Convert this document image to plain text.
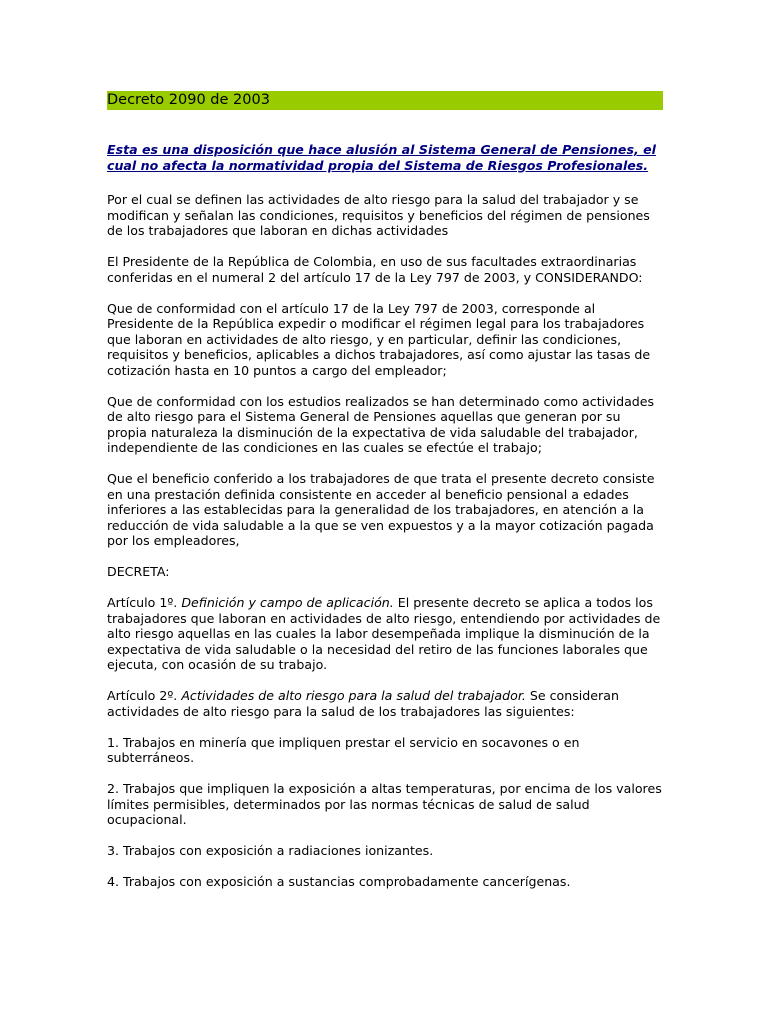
Decreto 2090 de 2003
Esta es una disposición que hace alusión al Sistema General de Pensiones, el cual no afecta la normatividad propia del Sistema de Riesgos Profesionales.

Por el cual se definen las actividades de alto riesgo para la salud del trabajador y se modifican y señalan las condiciones, requisitos y beneficios del régimen de pensiones de los trabajadores que laboran en dichas actividades

El Presidente de la República de Colombia, en uso de sus facultades extraordinarias conferidas en el numeral 2 del artículo 17 de la Ley 797 de 2003, y CONSIDERANDO:

Que de conformidad con el artículo 17 de la Ley 797 de 2003, corresponde al Presidente de la República expedir o modificar el régimen legal para los trabajadores que laboran en actividades de alto riesgo, y en particular, definir las condiciones, requisitos y beneficios, aplicables a dichos trabajadores, así como ajustar las tasas de cotización hasta en 10 puntos a cargo del empleador;

Que de conformidad con los estudios realizados se han determinado como actividades de alto riesgo para el Sistema General de Pensiones aquellas que generan por su propia naturaleza la disminución de la expectativa de vida saludable del trabajador, independiente de las condiciones en las cuales se efectúe el trabajo;

Que el beneficio conferido a los trabajadores de que trata el presente decreto consiste en una prestación definida consistente en acceder al beneficio pensional a edades inferiores a las establecidas para la generalidad de los trabajadores, en atención a la reducción de vida saludable a la que se ven expuestos y a la mayor cotización pagada por los empleadores,

DECRETA:

Artículo 1º. Definición y campo de aplicación. El presente decreto se aplica a todos los trabajadores que laboran en actividades de alto riesgo, entendiendo por actividades de alto riesgo aquellas en las cuales la labor desempeñada implique la disminución de la expectativa de vida saludable o la necesidad del retiro de las funciones laborales que ejecuta, con ocasión de su trabajo.

Artículo 2º. Actividades de alto riesgo para la salud del trabajador. Se consideran actividades de alto riesgo para la salud de los trabajadores las siguientes:

1. Trabajos en minería que impliquen prestar el servicio en socavones o en subterráneos.

2. Trabajos que impliquen la exposición a altas temperaturas, por encima de los valores límites permisibles, determinados por las normas técnicas de salud de salud ocupacional.

3. Trabajos con exposición a radiaciones ionizantes.

4. Trabajos con exposición a sustancias comprobadamente cancerígenas.
